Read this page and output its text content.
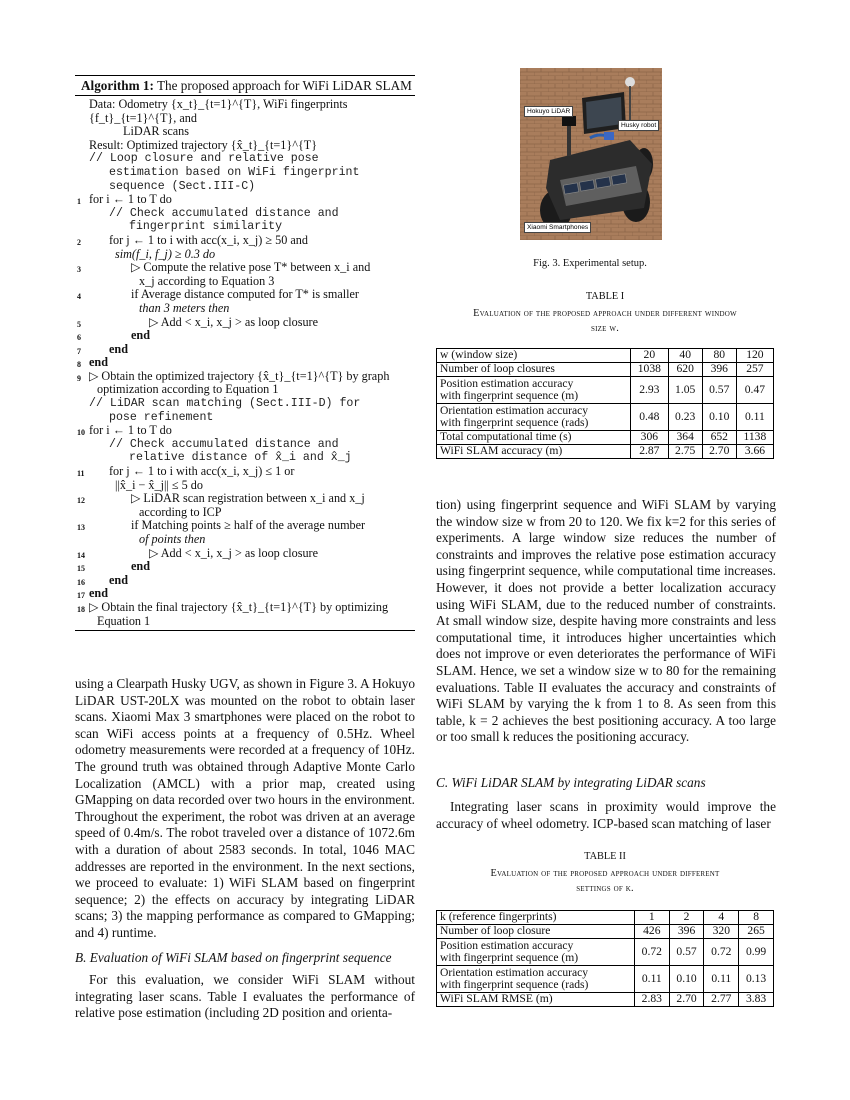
Algorithm 1: The proposed approach for WiFi LiDAR SLAM
Data: Odometry {x_t}_{t=1}^{T}, WiFi fingerprints {f_t}_{t=1}^{T}, and
LiDAR scans
Result: Optimized trajectory {x̂_t}_{t=1}^{T}
// Loop closure and relative pose
estimation based on WiFi fingerprint
sequence (Sect.III-C)
1 for i ← 1 to T do
// Check accumulated distance and
fingerprint similarity
2	for j ← 1 to i with acc(x_i, x_j) ≥ 50 and
sim(f_i, f_j) ≥ 0.3 do
3	▷ Compute the relative pose T* between x_i and
x_j according to Equation 3
4	if Average distance computed for T* is smaller
than 3 meters then
5	▷ Add < x_i, x_j > as loop closure
6	end
7	end
8 end
9 ▷ Obtain the optimized trajectory {x̂_t}_{t=1}^{T} by graph
optimization according to Equation 1
// LiDAR scan matching (Sect.III-D) for
pose refinement
10 for i ← 1 to T do
// Check accumulated distance and
relative distance of x̂_i and x̂_j
11	for j ← 1 to i with acc(x_i, x_j) ≤ 1 or
||x̂_i − x̂_j|| ≤ 5 do
12	▷ LiDAR scan registration between x_i and x_j
according to ICP
13	if Matching points ≥ half of the average number
of points then
14	▷ Add < x_i, x_j > as loop closure
15	end
16	end
17 end
18 ▷ Obtain the final trajectory {x̂_t}_{t=1}^{T} by optimizing
Equation 1

using a Clearpath Husky UGV, as shown in Figure 3. A Hokuyo LiDAR UST-20LX was mounted on the robot to obtain laser scans. Xiaomi Max 3 smartphones were placed on the robot to scan WiFi access points at a frequency of 0.5Hz. Wheel odometry measurements were recorded at a frequency of 10Hz. The ground truth was obtained through Adaptive Monte Carlo Localization (AMCL) with a prior map, created using GMapping on data recorded over two hours in the environment. Throughout the experiment, the robot was driven at an average speed of 0.4m/s. The robot traveled over a distance of 1072.6m with a duration of about 2583 seconds. In total, 1046 MAC addresses are reported in the environment. In the next sections, we proceed to evaluate: 1) WiFi SLAM based on fingerprint sequence; 2) the effects on accuracy by integrating LiDAR scans; 3) the mapping performance as compared to GMapping; and 4) runtime.

B. Evaluation of WiFi SLAM based on fingerprint sequence

For this evaluation, we consider WiFi SLAM without integrating laser scans. Table I evaluates the performance of relative pose estimation (including 2D position and orienta-

Hokuyo LiDAR
Husky robot
Xiaomi Smartphones
Fig. 3. Experimental setup.
TABLE I
Evaluation of the proposed approach under different window
size w.
w (window size)	20	40	80	120

Number of loop closures	1038	620	396	257

Position estimation accuracy
with fingerprint sequence (m)	2.93	1.05	0.57	0.47

Orientation estimation accuracy
with fingerprint sequence (rads)	0.48	0.23	0.10	0.11

Total computational time (s)	306	364	652	1138

WiFi SLAM accuracy (m)	2.87	2.75	2.70	3.66

tion) using fingerprint sequence and WiFi SLAM by varying the window size w from 20 to 120. We fix k=2 for this series of experiments. A large window size reduces the number of constraints and improves the relative pose estimation accuracy using fingerprint sequence, while computational time increases. However, it does not provide a better localization accuracy using WiFi SLAM, due to the reduced number of constraints. At small window size, despite having more constraints and less computational time, it introduces higher uncertainties which does not improve or even deteriorates the performance of WiFi SLAM. Hence, we set a window size w to 80 for the remaining evaluations. Table II evaluates the accuracy and constraints of WiFi SLAM by varying the k from 1 to 8. As seen from this table, k = 2 achieves the best positioning accuracy. A too large or too small k reduces the positioning accuracy.

C. WiFi LiDAR SLAM by integrating LiDAR scans

Integrating laser scans in proximity would improve the accuracy of wheel odometry. ICP-based scan matching of laser

TABLE II
Evaluation of the proposed approach under different
settings of k.
k (reference fingerprints)	1	2	4	8

Number of loop closure	426	396	320	265

Position estimation accuracy
with fingerprint sequence (m)	0.72	0.57	0.72	0.99

Orientation estimation accuracy
with fingerprint sequence (rads)	0.11	0.10	0.11	0.13

WiFi SLAM RMSE (m)	2.83	2.70	2.77	3.83
